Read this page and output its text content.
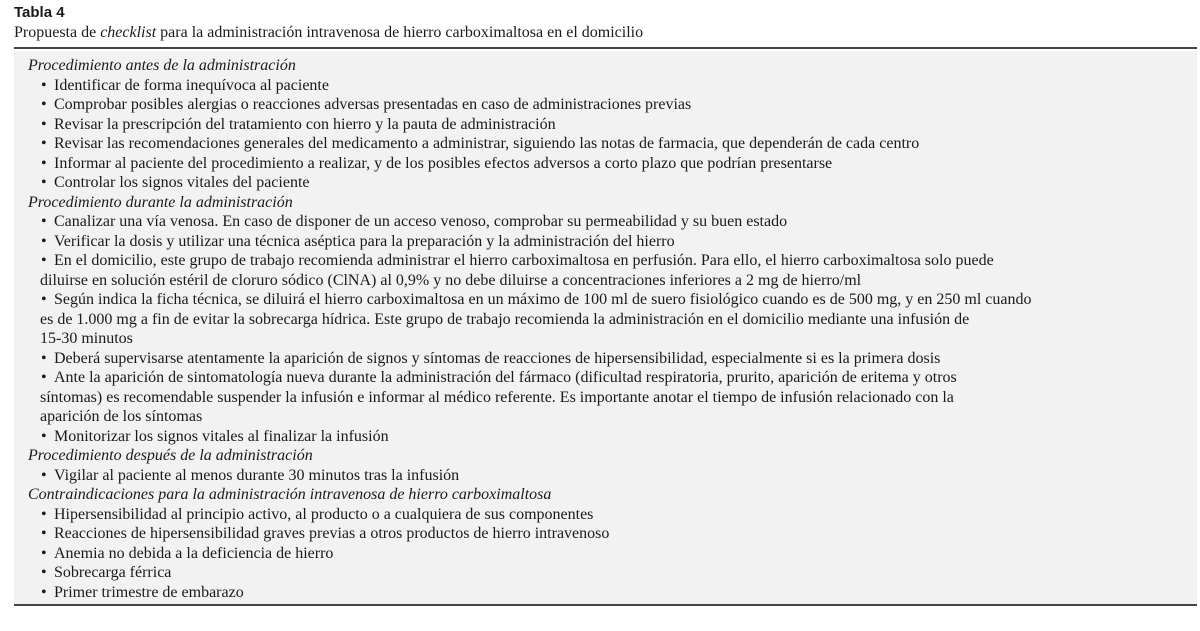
Tabla 4
Propuesta de checklist para la administración intravenosa de hierro carboximaltosa en el domicilio
Procedimiento antes de la administración
• Identificar de forma inequívoca al paciente
• Comprobar posibles alergias o reacciones adversas presentadas en caso de administraciones previas
• Revisar la prescripción del tratamiento con hierro y la pauta de administración
• Revisar las recomendaciones generales del medicamento a administrar, siguiendo las notas de farmacia, que dependerán de cada centro
• Informar al paciente del procedimiento a realizar, y de los posibles efectos adversos a corto plazo que podrían presentarse
• Controlar los signos vitales del paciente
Procedimiento durante la administración
• Canalizar una vía venosa. En caso de disponer de un acceso venoso, comprobar su permeabilidad y su buen estado
• Verificar la dosis y utilizar una técnica aséptica para la preparación y la administración del hierro
• En el domicilio, este grupo de trabajo recomienda administrar el hierro carboximaltosa en perfusión. Para ello, el hierro carboximaltosa solo puede
diluirse en solución estéril de cloruro sódico (ClNA) al 0,9% y no debe diluirse a concentraciones inferiores a 2 mg de hierro/ml
• Según indica la ficha técnica, se diluirá el hierro carboximaltosa en un máximo de 100 ml de suero fisiológico cuando es de 500 mg, y en 250 ml cuando
es de 1.000 mg a fin de evitar la sobrecarga hídrica. Este grupo de trabajo recomienda la administración en el domicilio mediante una infusión de
15-30 minutos
• Deberá supervisarse atentamente la aparición de signos y síntomas de reacciones de hipersensibilidad, especialmente si es la primera dosis
• Ante la aparición de sintomatología nueva durante la administración del fármaco (dificultad respiratoria, prurito, aparición de eritema y otros
síntomas) es recomendable suspender la infusión e informar al médico referente. Es importante anotar el tiempo de infusión relacionado con la
aparición de los síntomas
• Monitorizar los signos vitales al finalizar la infusión
Procedimiento después de la administración
• Vigilar al paciente al menos durante 30 minutos tras la infusión
Contraindicaciones para la administración intravenosa de hierro carboximaltosa
• Hipersensibilidad al principio activo, al producto o a cualquiera de sus componentes
• Reacciones de hipersensibilidad graves previas a otros productos de hierro intravenoso
• Anemia no debida a la deficiencia de hierro
• Sobrecarga férrica
• Primer trimestre de embarazo
